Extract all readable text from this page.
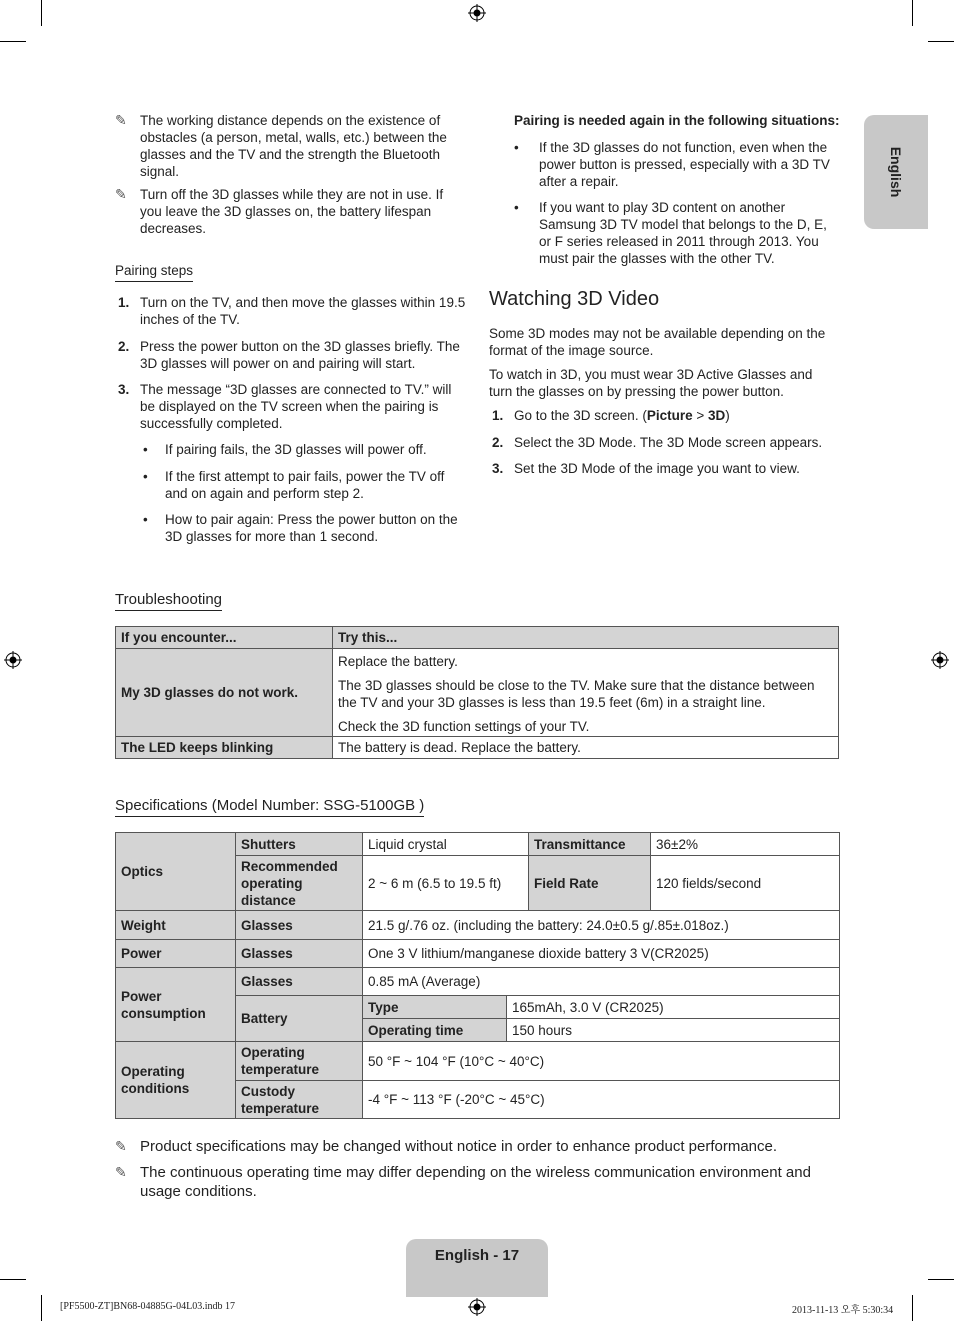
English
✎ The working distance depends on the existence of obstacles (a person, metal, walls, etc.) between the glasses and the TV and the strength the Bluetooth signal.
✎ Turn off the 3D glasses while they are not in use. If you leave the 3D glasses on, the battery lifespan decreases.
Pairing steps
1. Turn on the TV, and then move the glasses within 19.5 inches of the TV.
2. Press the power button on the 3D glasses briefly. The 3D glasses will power on and pairing will start.
3. The message “3D glasses are connected to TV.” will be displayed on the TV screen when the pairing is successfully completed.
• If pairing fails, the 3D glasses will power off.
• If the first attempt to pair fails, power the TV off and on again and perform step 2.
• How to pair again: Press the power button on the 3D glasses for more than 1 second.
Pairing is needed again in the following situations:
• If the 3D glasses do not function, even when the power button is pressed, especially with a 3D TV after a repair.
• If you want to play 3D content on another Samsung 3D TV model that belongs to the D, E, or F series released in 2011 through 2013. You must pair the glasses with the other TV.
Watching 3D Video
Some 3D modes may not be available depending on the format of the image source.
To watch in 3D, you must wear 3D Active Glasses and turn the glasses on by pressing the power button.
1. Go to the 3D screen. (Picture > 3D)
2. Select the 3D Mode. The 3D Mode screen appears.
3. Set the 3D Mode of the image you want to view.
Troubleshooting
If you encounter...	Try this...
My 3D glasses do not work.	Replace the battery.
	The 3D glasses should be close to the TV. Make sure that the distance between the TV and your 3D glasses is less than 19.5 feet (6m) in a straight line.
	Check the 3D function settings of your TV.
The LED keeps blinking	The battery is dead. Replace the battery.
Specifications (Model Number: SSG-5100GB )
Optics	Shutters	Liquid crystal		Transmittance	36±2%
	Recommended operating distance	2 ~ 6 m (6.5 to 19.5 ft)		Field Rate	120 fields/second
Weight	Glasses	21.5 g/.76 oz. (including the battery: 24.0±0.5 g/.85±.018oz.)			
Power	Glasses	One 3 V lithium/manganese dioxide battery 3 V(CR2025)			
Power consumption	Glasses	0.85 mA (Average)			
	Battery	Type	165mAh, 3.0 V (CR2025)		
		Operating time	150 hours		
Operating conditions	Operating temperature	50 °F ~ 104 °F (10°C ~ 40°C)			
	Custody temperature	-4 °F ~ 113 °F (-20°C ~ 45°C)			
✎ Product specifications may be changed without notice in order to enhance product performance.
✎ The continuous operating time may differ depending on the wireless communication environment and usage conditions.
English - 17
[PF5500-ZT]BN68-04885G-04L03.indb 17	2013-11-13 오후 5:30:34
